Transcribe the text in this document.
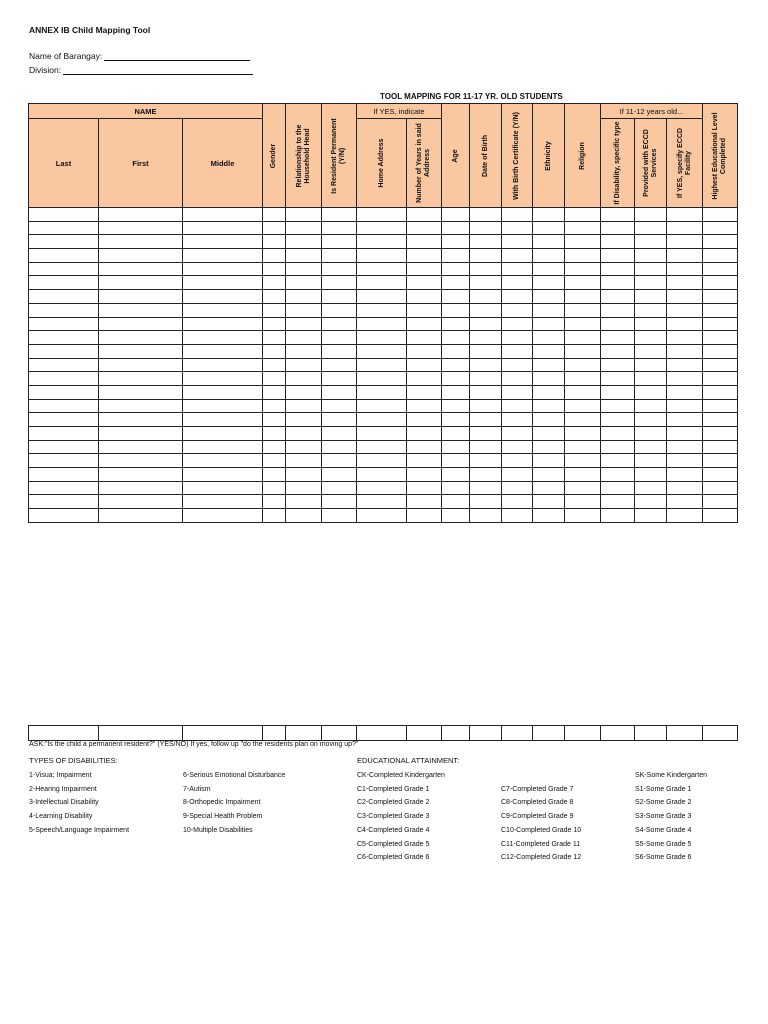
ANNEX IB Child Mapping Tool
Name of Barangay:
Division:
TOOL MAPPING FOR 11-17 YR. OLD STUDENTS
NAME			Gender	Relationship to the Household Head	Is Resident Permanent (Y/N)	If YES, indicate		Age	Date of Birth	With Birth Certificate (Y/N)	Ethnicity	Religion	If 11-12 years old...			Highest Educational Level Completed

Last	First	Middle				Home Address	Number of Years in said Address						If Disability, specific type	Provided with ECCD Services	If YES, specify ECCD Facility	

ASK:"Is the child a permanent resident?" (YES/NO) If yes, follow up "do the residents plan on moving up?"
TYPES OF DISABILITIES:
1-Visua; Impairment
2-Hearing Impairment
3-Intellectual Disability
4-Learning Disability
5-Speech/Language Impairment
6-Serious Emotional Disturbance
7-Autism
8-Orthopedic Impairment
9-Special Health Problem
10-Multiple Disabilities
EDUCATIONAL ATTAINMENT:
CK-Completed Kindergarten
C1-Completed Grade 1
C2-Completed Grade 2
C3-Completed Grade 3
C4-Completed Grade 4
C5-Completed Grade 5
C6-Completed Grade 6
C7-Completed Grade 7
C8-Completed Grade 8
C9-Completed Grade 9
C10-Completed Grade 10
C11-Completed Grade 11
C12-Completed Grade 12
SK-Some Kindergarten
S1-Some Grade 1
S2-Some Grade 2
S3-Some Grade 3
S4-Some Grade 4
S5-Some Grade 5
S6-Some Grade 6
